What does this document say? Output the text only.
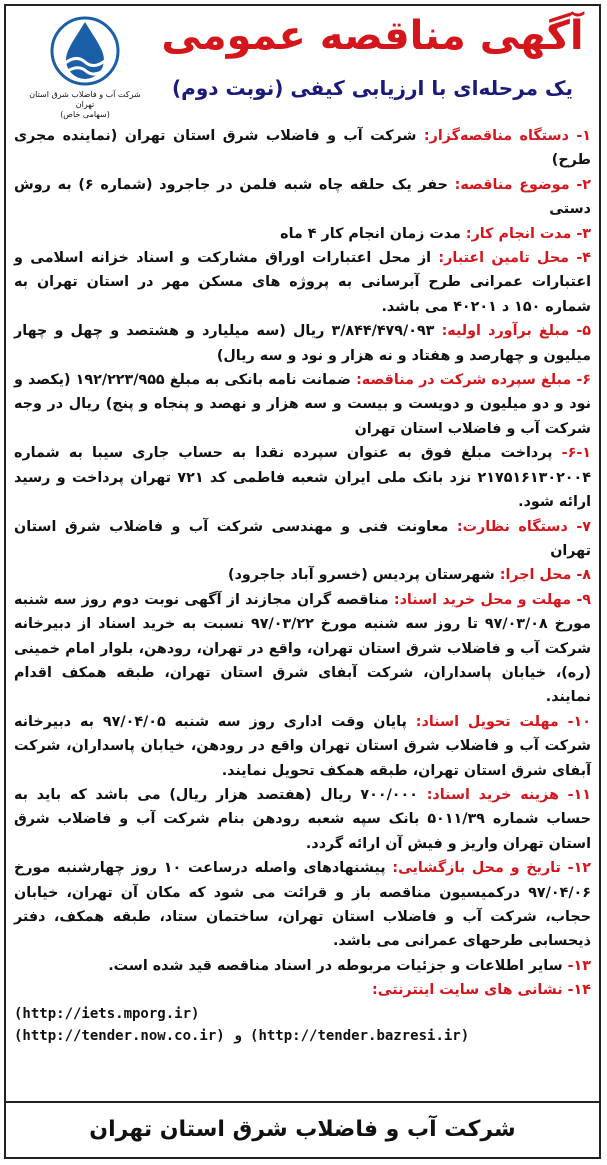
آگهی مناقصه عمومی
یک مرحله‌ای با ارزیابی کیفی (نوبت دوم)
شرکت آب و فاضلاب شرق استان تهران
(سهامی خاص)

۱- دستگاه مناقصه‌گزار: شرکت آب و فاضلاب شرق استان تهران (نماینده مجری طرح)

۲- موضوع مناقصه: حفر یک حلقه چاه شبه فلمن در جاجرود (شماره ۶) به روش دستی

۳- مدت انجام کار: مدت زمان انجام کار ۴ ماه

۴- محل تامین اعتبار: از محل اعتبارات اوراق مشارکت و اسناد خزانه اسلامی و اعتبارات عمرانی طرح آبرسانی به پروژه های مسکن مهر در استان تهران به شماره ۱۵۰ د ۴۰۲۰۱ می باشد.

۵- مبلغ برآورد اولیه: ۳/۸۴۴/۴۷۹/۰۹۳ ریال (سه میلیارد و هشتصد و چهل و چهار میلیون و چهارصد و هفتاد و نه هزار و نود و سه ریال)

۶- مبلغ سپرده شرکت در مناقصه: ضمانت نامه بانکی به مبلغ ۱۹۲/۲۲۳/۹۵۵ (یکصد و نود و دو میلیون و دویست و بیست و سه هزار و نهصد و پنجاه و پنج) ریال در وجه شرکت آب و فاضلاب استان تهران

۶-۱- پرداخت مبلغ فوق به عنوان سپرده نقدا به حساب جاری سیبا به شماره ۲۱۷۵۱۶۱۳۰۲۰۰۴ نزد بانک ملی ایران شعبه فاطمی کد ۷۲۱ تهران پرداخت و رسید ارائه شود.

۷- دستگاه نظارت: معاونت فنی و مهندسی شرکت آب و فاضلاب شرق استان تهران

۸- محل اجرا: شهرستان پردیس (خسرو آباد جاجرود)

۹- مهلت و محل خرید اسناد: مناقصه گران مجازند از آگهی نوبت دوم روز سه شنبه مورخ ۹۷/۰۳/۰۸ تا روز سه شنبه مورخ ۹۷/۰۳/۲۲ نسبت به خرید اسناد از دبیرخانه شرکت آب و فاضلاب شرق استان تهران، واقع در تهران، رودهن، بلوار امام خمینی (ره)، خیابان پاسداران، شرکت آبفای شرق استان تهران، طبقه همکف اقدام نمایند.

۱۰- مهلت تحویل اسناد: پایان وقت اداری روز سه شنبه ۹۷/۰۴/۰۵ به دبیرخانه شرکت آب و فاضلاب شرق استان تهران واقع در رودهن، خیابان پاسداران، شرکت آبفای شرق استان تهران، طبقه همکف تحویل نمایند.

۱۱- هزینه خرید اسناد: ۷۰۰/۰۰۰ ریال (هفتصد هزار ریال) می باشد که باید به حساب شماره ۵۰۱۱/۳۹ بانک سپه شعبه رودهن بنام شرکت آب و فاضلاب شرق استان تهران واریز و فیش آن ارائه گردد.

۱۲- تاریخ و محل بازگشایی: پیشنهادهای واصله درساعت ۱۰ روز چهارشنبه مورخ ۹۷/۰۴/۰۶ درکمیسیون مناقصه باز و قرائت می شود که مکان آن تهران، خیابان حجاب، شرکت آب و فاضلاب استان تهران، ساختمان ستاد، طبقه همکف، دفتر ذیحسابی طرحهای عمرانی می باشد.

۱۳- سایر اطلاعات و جزئیات مربوطه در اسناد مناقصه قید شده است.

۱۴- نشانی های سایت اینترنتی:

(http://iets.mporg.ir)
(http://tender.now.co.ir) و (http://tender.bazresi.ir)
شرکت آب و فاضلاب شرق استان تهران
